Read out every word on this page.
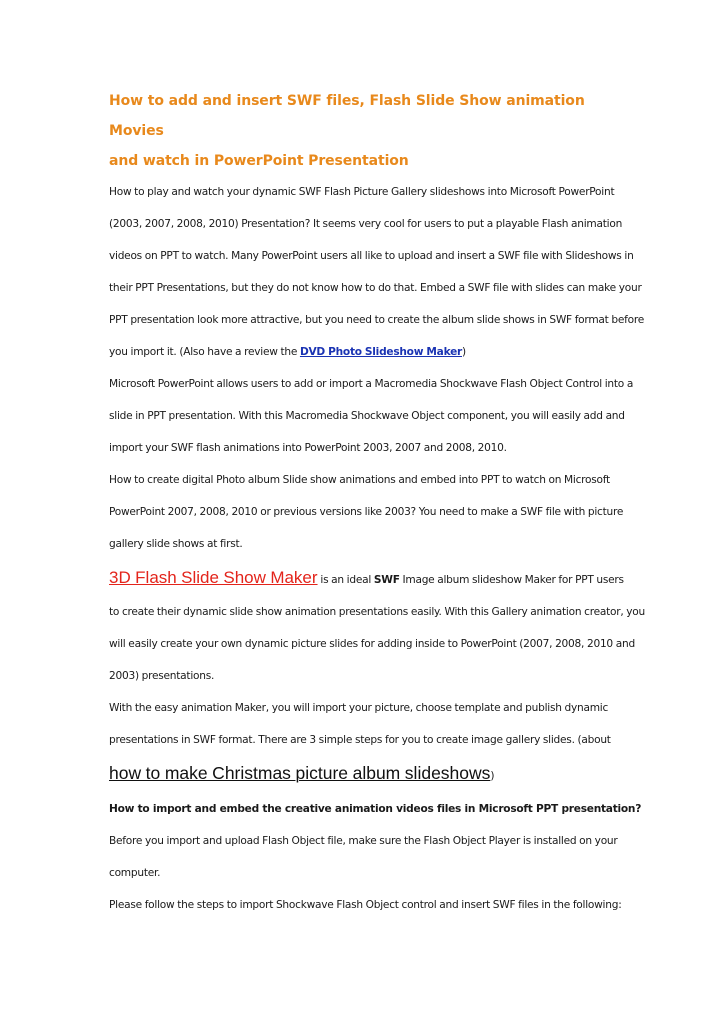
How to add and insert SWF files, Flash Slide Show animation Movies
and watch in PowerPoint Presentation
How to play and watch your dynamic SWF Flash Picture Gallery slideshows into Microsoft PowerPoint
(2003, 2007, 2008, 2010) Presentation? It seems very cool for users to put a playable Flash animation
videos on PPT to watch. Many PowerPoint users all like to upload and insert a SWF file with Slideshows in
their PPT Presentations, but they do not know how to do that. Embed a SWF file with slides can make your
PPT presentation look more attractive, but you need to create the album slide shows in SWF format before
you import it. (Also have a review the DVD Photo Slideshow Maker)
Microsoft PowerPoint allows users to add or import a Macromedia Shockwave Flash Object Control into a
slide in PPT presentation. With this Macromedia Shockwave Object component, you will easily add and
import your SWF flash animations into PowerPoint 2003, 2007 and 2008, 2010.
How to create digital Photo album Slide show animations and embed into PPT to watch on Microsoft
PowerPoint 2007, 2008, 2010 or previous versions like 2003? You need to make a SWF file with picture
gallery slide shows at first.
3D Flash Slide Show Maker is an ideal SWF Image album slideshow Maker for PPT users
to create their dynamic slide show animation presentations easily. With this Gallery animation creator, you
will easily create your own dynamic picture slides for adding inside to PowerPoint (2007, 2008, 2010 and
2003) presentations.
With the easy animation Maker, you will import your picture, choose template and publish dynamic
presentations in SWF format. There are 3 simple steps for you to create image gallery slides. (about
how to make Christmas picture album slideshows)
How to import and embed the creative animation videos files in Microsoft PPT presentation?
Before you import and upload Flash Object file, make sure the Flash Object Player is installed on your
computer.
Please follow the steps to import Shockwave Flash Object control and insert SWF files in the following:
